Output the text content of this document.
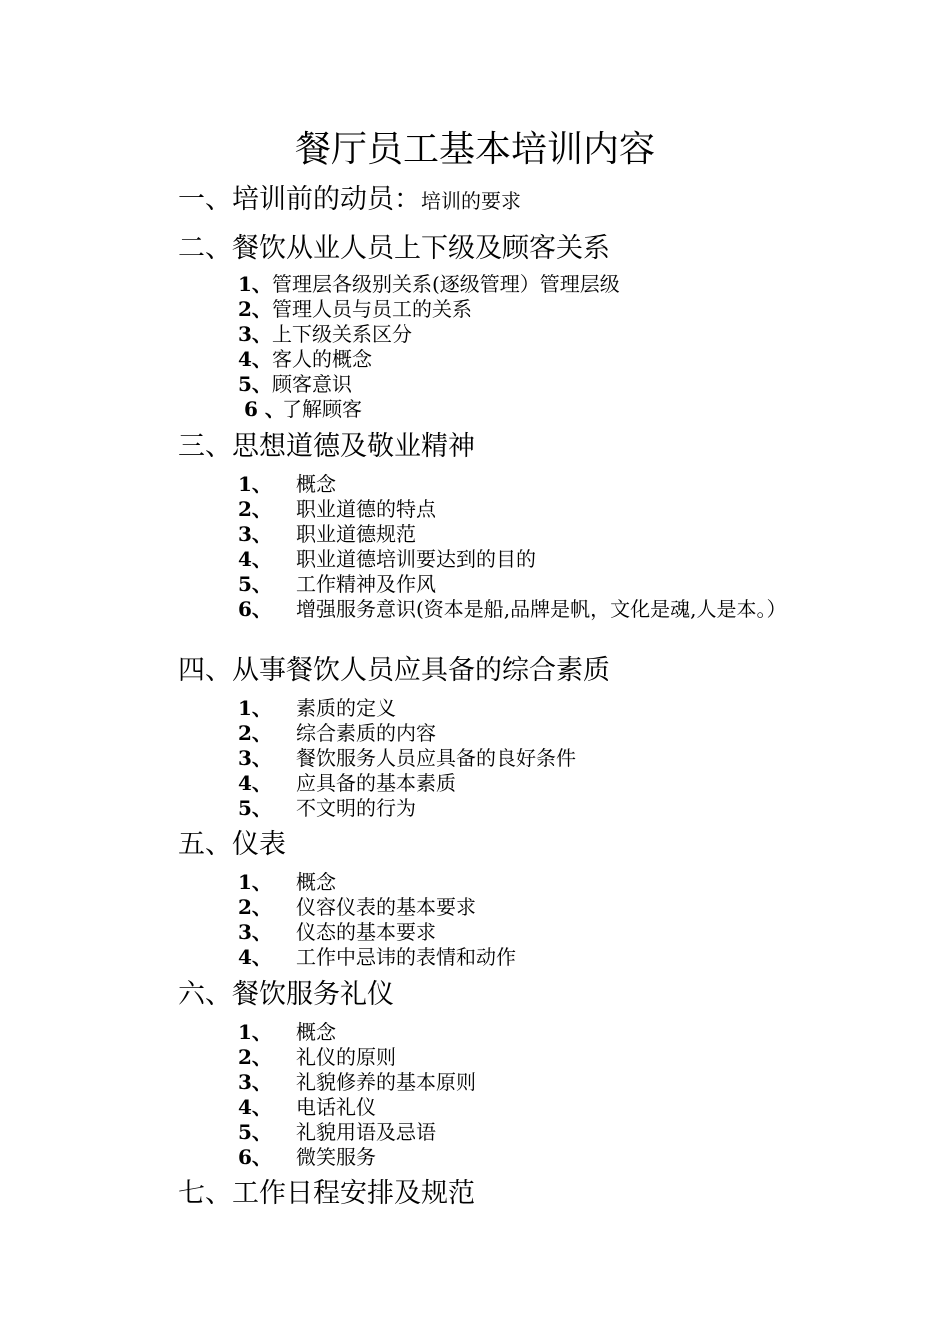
餐厅员工基本培训内容
一、培训前的动员：培训的要求
二、餐饮从业人员上下级及顾客关系
1、 管理层各级别关系(逐级管理）管理层级
2、 管理人员与员工的关系
3、 上下级关系区分
4、 客人的概念
5、 顾客意识
6 、
了解顾客
三、思想道德及敬业精神
1、 概念
2、 职业道德的特点
3、 职业道德规范
4、 职业道德培训要达到的目的
5、 工作精神及作风
6、 增强服务意识(资本是船,品牌是帆，文化是魂,人是本。）
四、从事餐饮人员应具备的综合素质
1、 素质的定义
2、 综合素质的内容
3、 餐饮服务人员应具备的良好条件
4、 应具备的基本素质
5、 不文明的行为
五、仪表
1、 概念
2、 仪容仪表的基本要求
3、 仪态的基本要求
4、 工作中忌讳的表情和动作
六、餐饮服务礼仪
1、 概念
2、 礼仪的原则
3、 礼貌修养的基本原则
4、 电话礼仪
5、 礼貌用语及忌语
6、 微笑服务
七、工作日程安排及规范
